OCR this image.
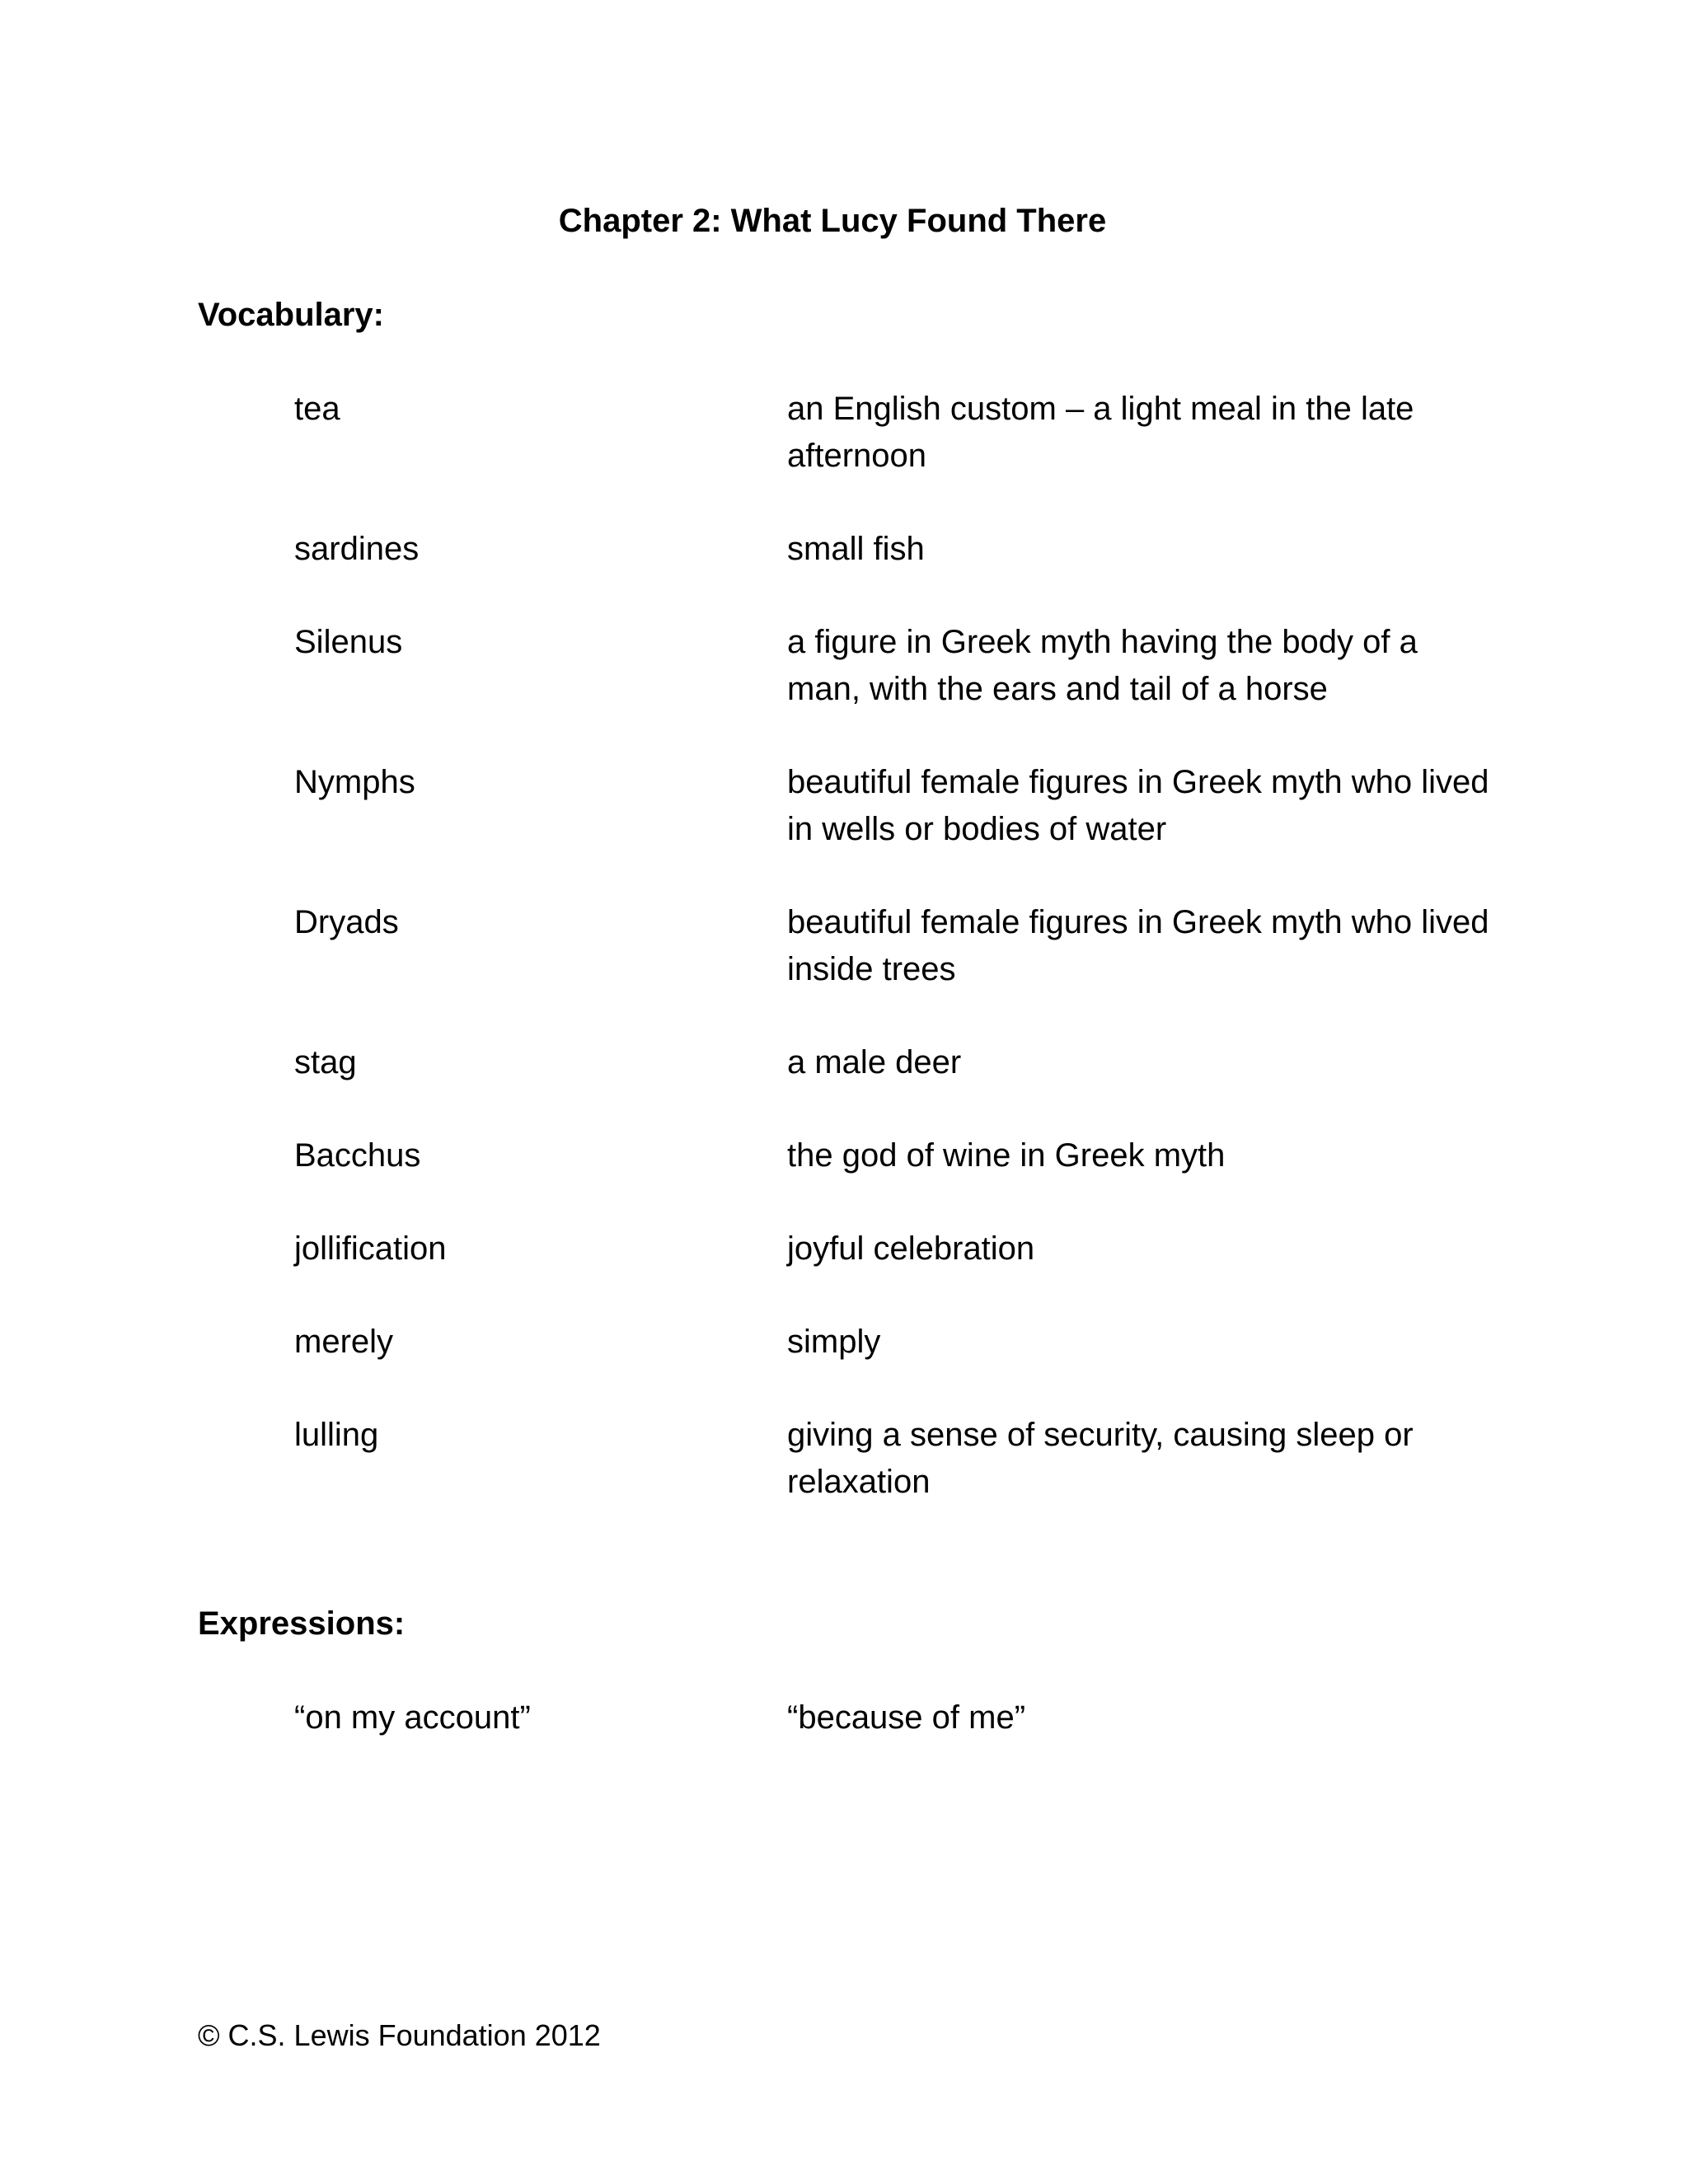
Chapter 2: What Lucy Found There
Vocabulary:
tea	an English custom – a light meal in the late afternoon
sardines	small fish
Silenus	a figure in Greek myth having the body of a man, with the ears and tail of a horse
Nymphs	beautiful female figures in Greek myth who lived in wells or bodies of water
Dryads	beautiful female figures in Greek myth who lived inside trees
stag	a male deer
Bacchus	the god of wine in Greek myth
jollification	joyful celebration
merely	simply
lulling	giving a sense of security, causing sleep or relaxation
Expressions:
“on my account”	“because of me”
© C.S. Lewis Foundation 2012
